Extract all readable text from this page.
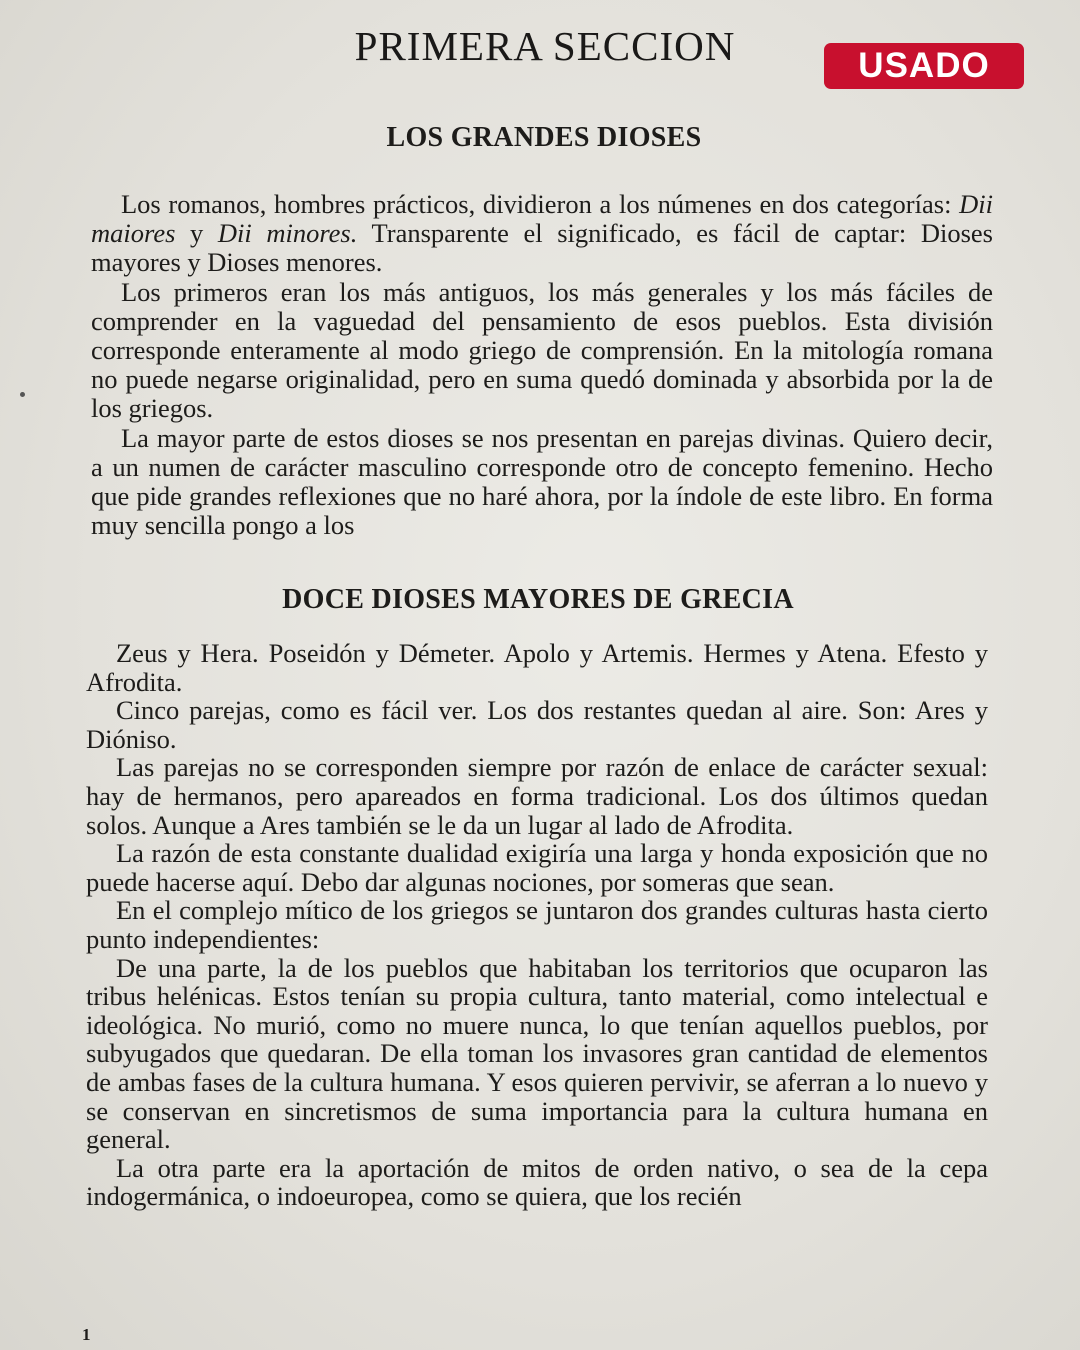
PRIMERA SECCION	USADO
LOS GRANDES DIOSES

Los romanos, hombres prácticos, dividieron a los númenes en dos categorías: Dii maiores y Dii minores. Transparente el significado, es fácil de captar: Dioses mayores y Dioses menores.

Los primeros eran los más antiguos, los más generales y los más fáciles de comprender en la vaguedad del pensamiento de esos pueblos. Esta división corresponde enteramente al modo griego de comprensión. En la mitología romana no puede negarse originalidad, pero en suma quedó dominada y absorbida por la de los griegos.

La mayor parte de estos dioses se nos presentan en parejas divinas. Quiero decir, a un numen de carácter masculino corresponde otro de concepto femenino. Hecho que pide grandes reflexiones que no haré ahora, por la índole de este libro. En forma muy sencilla pongo a los

DOCE DIOSES MAYORES DE GRECIA

Zeus y Hera. Poseidón y Démeter. Apolo y Artemis. Hermes y Atena. Efesto y Afrodita.

Cinco parejas, como es fácil ver. Los dos restantes quedan al aire. Son: Ares y Dióniso.

Las parejas no se corresponden siempre por razón de enlace de carácter sexual: hay de hermanos, pero apareados en forma tradicional. Los dos últimos quedan solos. Aunque a Ares también se le da un lugar al lado de Afrodita.

La razón de esta constante dualidad exigiría una larga y honda exposición que no puede hacerse aquí. Debo dar algunas nociones, por someras que sean.

En el complejo mítico de los griegos se juntaron dos grandes culturas hasta cierto punto independientes:

De una parte, la de los pueblos que habitaban los territorios que ocuparon las tribus helénicas. Estos tenían su propia cultura, tanto material, como intelectual e ideológica. No murió, como no muere nunca, lo que tenían aquellos pueblos, por subyugados que quedaran. De ella toman los invasores gran cantidad de elementos de ambas fases de la cultura humana. Y esos quieren pervivir, se aferran a lo nuevo y se conservan en sincretismos de suma importancia para la cultura humana en general.

La otra parte era la aportación de mitos de orden nativo, o sea de la cepa indogermánica, o indoeuropea, como se quiera, que los recién

1
